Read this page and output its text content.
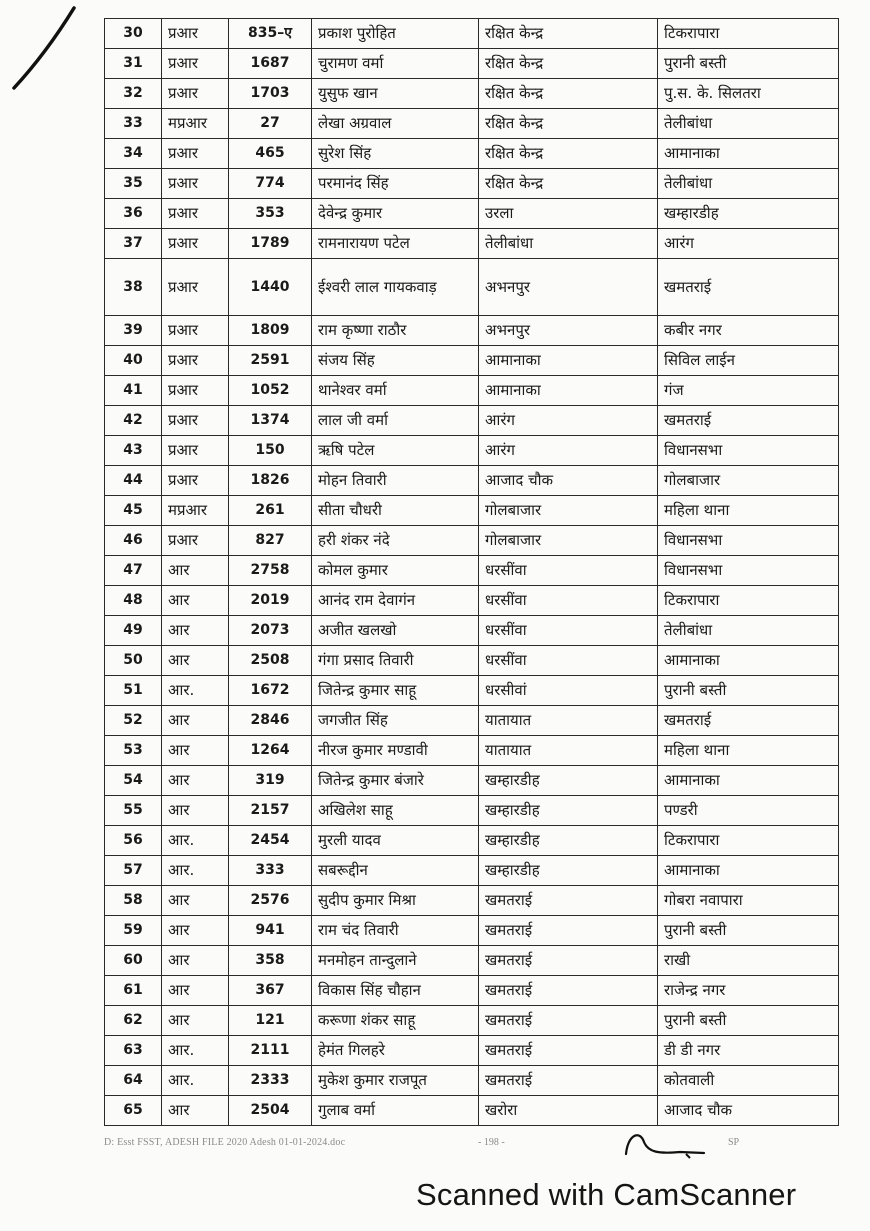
30	प्रआर	835–ए	प्रकाश पुरोहित	रक्षित केन्द्र	टिकरापारा
31	प्रआर	1687	चुरामण वर्मा	रक्षित केन्द्र	पुरानी बस्ती
32	प्रआर	1703	युसुफ खान	रक्षित केन्द्र	पु.स. के. सिलतरा
33	मप्रआर	27	लेखा अग्रवाल	रक्षित केन्द्र	तेलीबांधा
34	प्रआर	465	सुरेश सिंह	रक्षित केन्द्र	आमानाका
35	प्रआर	774	परमानंद सिंह	रक्षित केन्द्र	तेलीबांधा
36	प्रआर	353	देवेन्द्र कुमार	उरला	खम्हारडीह
37	प्रआर	1789	रामनारायण पटेल	तेलीबांधा	आरंग
38	प्रआर	1440	ईश्वरी लाल गायकवाड़	अभनपुर	खमतराई
39	प्रआर	1809	राम कृष्णा राठौर	अभनपुर	कबीर नगर
40	प्रआर	2591	संजय सिंह	आमानाका	सिविल लाईन
41	प्रआर	1052	थानेश्वर वर्मा	आमानाका	गंज
42	प्रआर	1374	लाल जी वर्मा	आरंग	खमतराई
43	प्रआर	150	ऋषि पटेल	आरंग	विधानसभा
44	प्रआर	1826	मोहन तिवारी	आजाद चौक	गोलबाजार
45	मप्रआर	261	सीता चौधरी	गोलबाजार	महिला थाना
46	प्रआर	827	हरी शंकर नंदे	गोलबाजार	विधानसभा
47	आर	2758	कोमल कुमार	धरसींवा	विधानसभा
48	आर	2019	आनंद राम देवागंन	धरसींवा	टिकरापारा
49	आर	2073	अजीत खलखो	धरसींवा	तेलीबांधा
50	आर	2508	गंगा प्रसाद तिवारी	धरसींवा	आमानाका
51	आर.	1672	जितेन्द्र कुमार साहू	धरसीवां	पुरानी बस्ती
52	आर	2846	जगजीत सिंह	यातायात	खमतराई
53	आर	1264	नीरज कुमार मण्डावी	यातायात	महिला थाना
54	आर	319	जितेन्द्र कुमार बंजारे	खम्हारडीह	आमानाका
55	आर	2157	अखिलेश साहू	खम्हारडीह	पण्डरी
56	आर.	2454	मुरली यादव	खम्हारडीह	टिकरापारा
57	आर.	333	सबरूद्दीन	खम्हारडीह	आमानाका
58	आर	2576	सुदीप कुमार मिश्रा	खमतराई	गोबरा नवापारा
59	आर	941	राम चंद तिवारी	खमतराई	पुरानी बस्ती
60	आर	358	मनमोहन तान्दुलाने	खमतराई	राखी
61	आर	367	विकास सिंह चौहान	खमतराई	राजेन्द्र नगर
62	आर	121	करूणा शंकर साहू	खमतराई	पुरानी बस्ती
63	आर.	2111	हेमंत गिलहरे	खमतराई	डी डी नगर
64	आर.	2333	मुकेश कुमार राजपूत	खमतराई	कोतवाली
65	आर	2504	गुलाब वर्मा	खरोरा	आजाद चौक
D: Esst FSST, ADESH FILE 2020 Adesh 01-01-2024.doc	- 198 -	SP
Scanned with CamScanner
